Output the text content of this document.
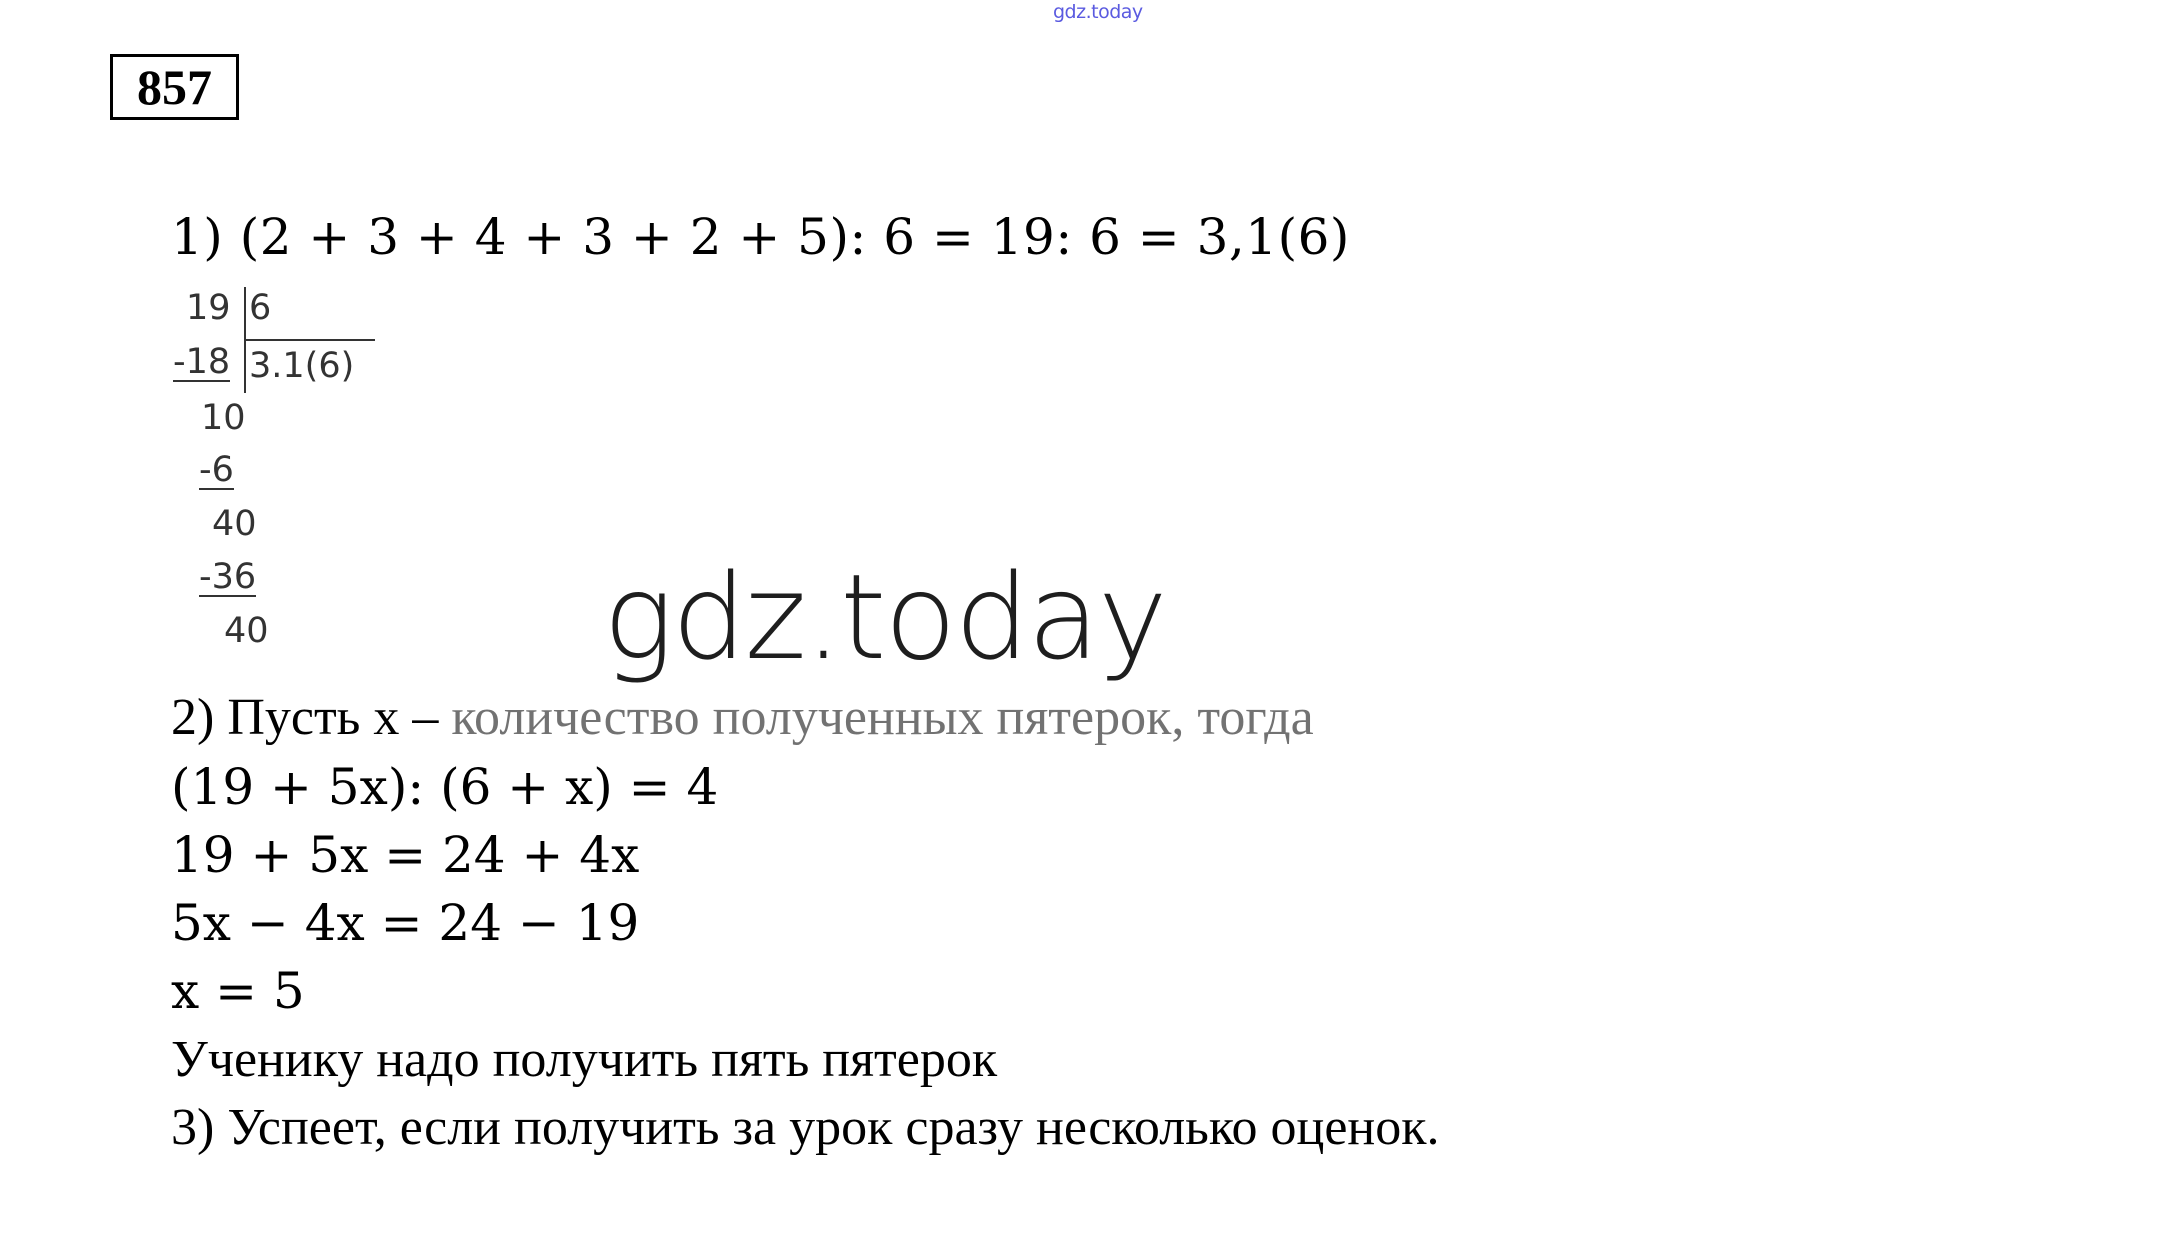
gdz.today
857
1) (2 + 3 + 4 + 3 + 2 + 5): 6 = 19: 6 = 3,1(6)
19 6
-18 3.1(6)
10
-6
40
-36
40	gdz.today
2) Пусть x – количество полученных пятерок, тогда
(19 + 5x): (6 + x) = 4
19 + 5x = 24 + 4x
5x − 4x = 24 − 19
x = 5
Ученику надо получить пять пятерок
3) Успеет, если получить за урок сразу несколько оценок.
